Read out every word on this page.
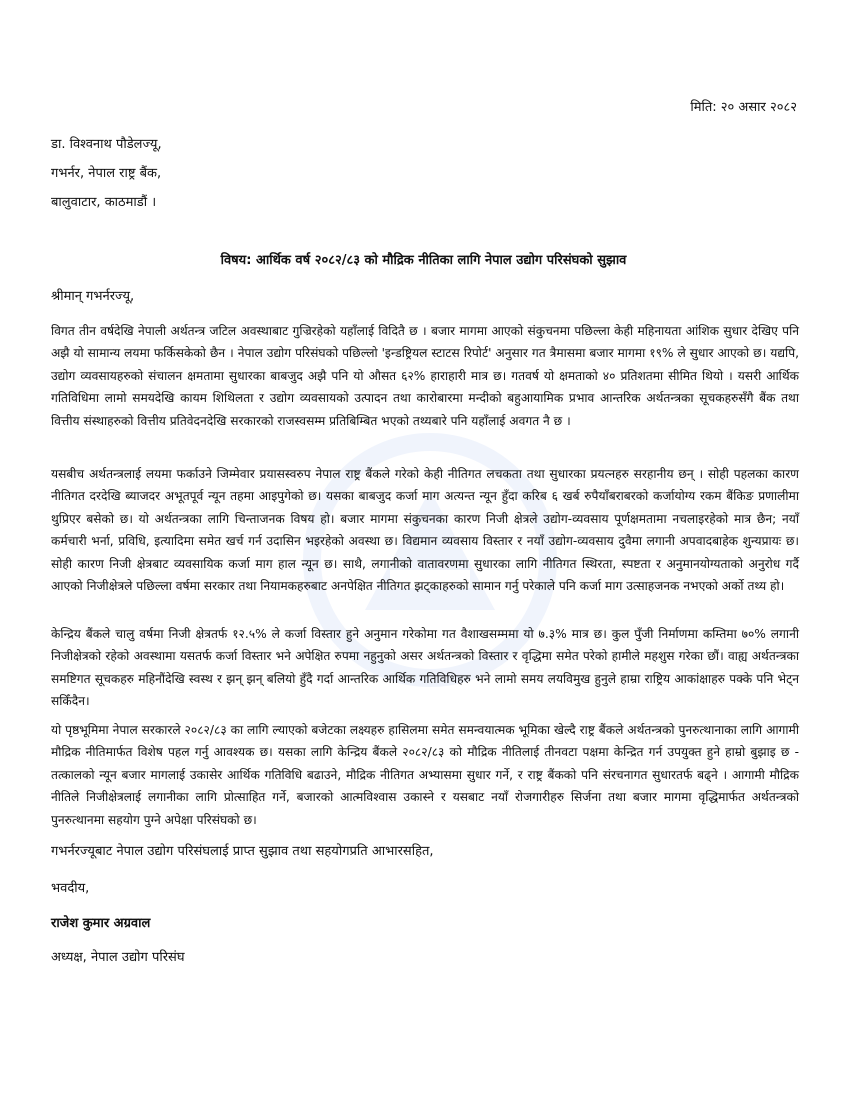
मिति: २० असार २०८२
डा. विश्वनाथ पौडेलज्यू,
गभर्नर, नेपाल राष्ट्र बैंक,
बालुवाटार, काठमाडौं ।
विषय: आर्थिक वर्ष २०८२/८३ को मौद्रिक नीतिका लागि नेपाल उद्योग परिसंघको सुझाव
श्रीमान् गभर्नरज्यू,
विगत तीन वर्षदेखि नेपाली अर्थतन्त्र जटिल अवस्थाबाट गुज्रिरहेको यहाँलाई विदितै छ । बजार मागमा आएको संकुचनमा पछिल्ला केही महिनायता आंशिक सुधार देखिए पनि अझै यो सामान्य लयमा फर्किसकेको छैन । नेपाल उद्योग परिसंघको पछिल्लो 'इन्डष्ट्रियल स्टाटस रिपोर्ट' अनुसार गत त्रैमासमा बजार मागमा १९% ले सुधार आएको छ। यद्यपि, उद्योग व्यवसायहरुको संचालन क्षमतामा सुधारका बाबजुद अझै पनि यो औसत ६२% हाराहारी मात्र छ। गतवर्ष यो क्षमताको ४० प्रतिशतमा सीमित थियो । यसरी आर्थिक गतिविधिमा लामो समयदेखि कायम शिथिलता र उद्योग व्यवसायको उत्पादन तथा कारोबारमा मन्दीको बहुआयामिक प्रभाव आन्तरिक अर्थतन्त्रका सूचकहरुसँगै बैंक तथा वित्तीय संस्थाहरुको वित्तीय प्रतिवेदनदेखि सरकारको राजस्वसम्म प्रतिबिम्बित भएको तथ्यबारे पनि यहाँलाई अवगत नै छ ।
यसबीच अर्थतन्त्रलाई लयमा फर्काउने जिम्मेवार प्रयासस्वरुप नेपाल राष्ट्र बैंकले गरेको केही नीतिगत लचकता तथा सुधारका प्रयत्नहरु सरहानीय छन् । सोही पहलका कारण नीतिगत दरदेखि ब्याजदर अभूतपूर्व न्यून तहमा आइपुगेको छ। यसका बाबजुद कर्जा माग अत्यन्त न्यून हुँदा करिब ६ खर्ब रुपैयाँबराबरको कर्जायोग्य रकम बैंकिङ प्रणालीमा थुप्रिएर बसेको छ। यो अर्थतन्त्रका लागि चिन्ताजनक विषय हो। बजार मागमा संकुचनका कारण निजी क्षेत्रले उद्योग-व्यवसाय पूर्णक्षमतामा नचलाइरहेको मात्र छैन; नयाँ कर्मचारी भर्ना, प्रविधि, इत्यादिमा समेत खर्च गर्न उदासिन भइरहेको अवस्था छ। विद्यमान व्यवसाय विस्तार र नयाँ उद्योग-व्यवसाय दुवैमा लगानी अपवादबाहेक शुन्यप्रायः छ। सोही कारण निजी क्षेत्रबाट व्यवसायिक कर्जा माग हाल न्यून छ। साथै, लगानीको वातावरणमा सुधारका लागि नीतिगत स्थिरता, स्पष्टता र अनुमानयोग्यताको अनुरोध गर्दै आएको निजीक्षेत्रले पछिल्ला वर्षमा सरकार तथा नियामकहरुबाट अनपेक्षित नीतिगत झट्काहरुको सामान गर्नु परेकाले पनि कर्जा माग उत्साहजनक नभएको अर्को तथ्य हो।
केन्द्रिय बैंकले चालु वर्षमा निजी क्षेत्रतर्फ १२.५% ले कर्जा विस्तार हुने अनुमान गरेकोमा गत वैशाखसम्ममा यो ७.३% मात्र छ। कुल पुँजी निर्माणमा कम्तिमा ७०% लगानी निजीक्षेत्रको रहेको अवस्थामा यसतर्फ कर्जा विस्तार भने अपेक्षित रुपमा नहुनुको असर अर्थतन्त्रको विस्तार र वृद्धिमा समेत परेको हामीले महशुस गरेका छौं। वाह्य अर्थतन्त्रका समष्टिगत सूचकहरु महिनौंदेखि स्वस्थ र झन् झन् बलियो हुँदै गर्दा आन्तरिक आर्थिक गतिविधिहरु भने लामो समय लयविमुख हुनुले हाम्रा राष्ट्रिय आकांक्षाहरु पक्के पनि भेट्न सकिँदैन।
यो पृष्ठभूमिमा नेपाल सरकारले २०८२/८३ का लागि ल्याएको बजेटका लक्ष्यहरु हासिलमा समेत समन्वयात्मक भूमिका खेल्दै राष्ट्र बैंकले अर्थतन्त्रको पुनरुत्थानाका लागि आगामी मौद्रिक नीतिमार्फत विशेष पहल गर्नु आवश्यक छ। यसका लागि केन्द्रिय बैंकले २०८२/८३ को मौद्रिक नीतिलाई तीनवटा पक्षमा केन्द्रित गर्न उपयुक्त हुने हाम्रो बुझाइ छ - तत्कालको न्यून बजार मागलाई उकासेर आर्थिक गतिविधि बढाउने, मौद्रिक नीतिगत अभ्यासमा सुधार गर्ने, र राष्ट्र बैंकको पनि संरचनागत सुधारतर्फ बढ्ने । आगामी मौद्रिक नीतिले निजीक्षेत्रलाई लगानीका लागि प्रोत्साहित गर्ने, बजारको आत्मविश्वास उकास्ने र यसबाट नयाँ रोजगारीहरु सिर्जना तथा बजार मागमा वृद्धिमार्फत अर्थतन्त्रको पुनरुत्थानमा सहयोग पुग्ने अपेक्षा परिसंघको छ।
गभर्नरज्यूबाट नेपाल उद्योग परिसंघलाई प्राप्त सुझाव तथा सहयोगप्रति आभारसहित,
भवदीय,
राजेश कुमार अग्रवाल
अध्यक्ष, नेपाल उद्योग परिसंघ
